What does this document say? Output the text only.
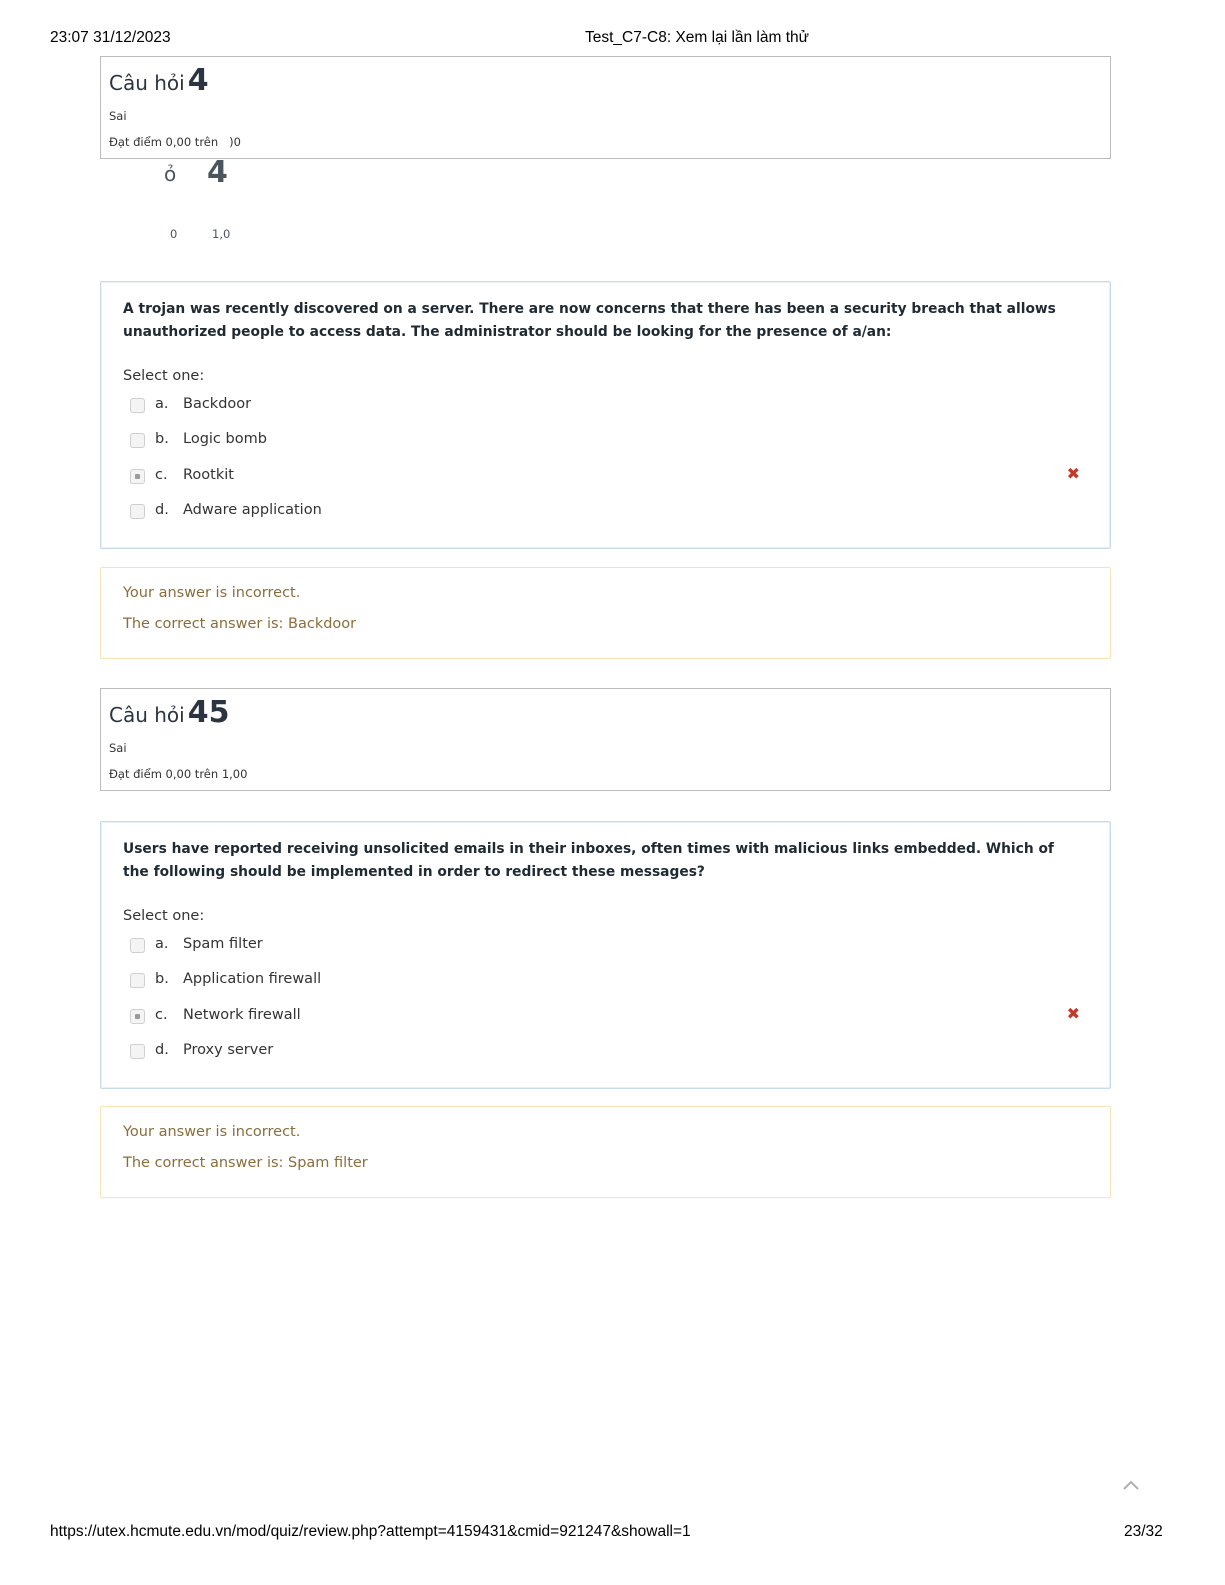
23:07 31/12/2023	Test_C7-C8: Xem lại lần làm thử
Câu hỏi 4
Sai
Đạt điểm 0,00 trên )0
ỏ 4
0	1,0
A trojan was recently discovered on a server. There are now concerns that there has been a security breach that allows unauthorized people to access data. The administrator should be looking for the presence of a/an:
Select one:
a. Backdoor
b. Logic bomb
c. Rootkit	✖
d. Adware application
Your answer is incorrect.
The correct answer is: Backdoor
Câu hỏi 45
Sai
Đạt điểm 0,00 trên 1,00
Users have reported receiving unsolicited emails in their inboxes, often times with malicious links embedded. Which of the following should be implemented in order to redirect these messages?
Select one:
a. Spam filter
b. Application firewall
c. Network firewall	✖
d. Proxy server
Your answer is incorrect.
The correct answer is: Spam filter
https://utex.hcmute.edu.vn/mod/quiz/review.php?attempt=4159431&cmid=921247&showall=1	23/32
